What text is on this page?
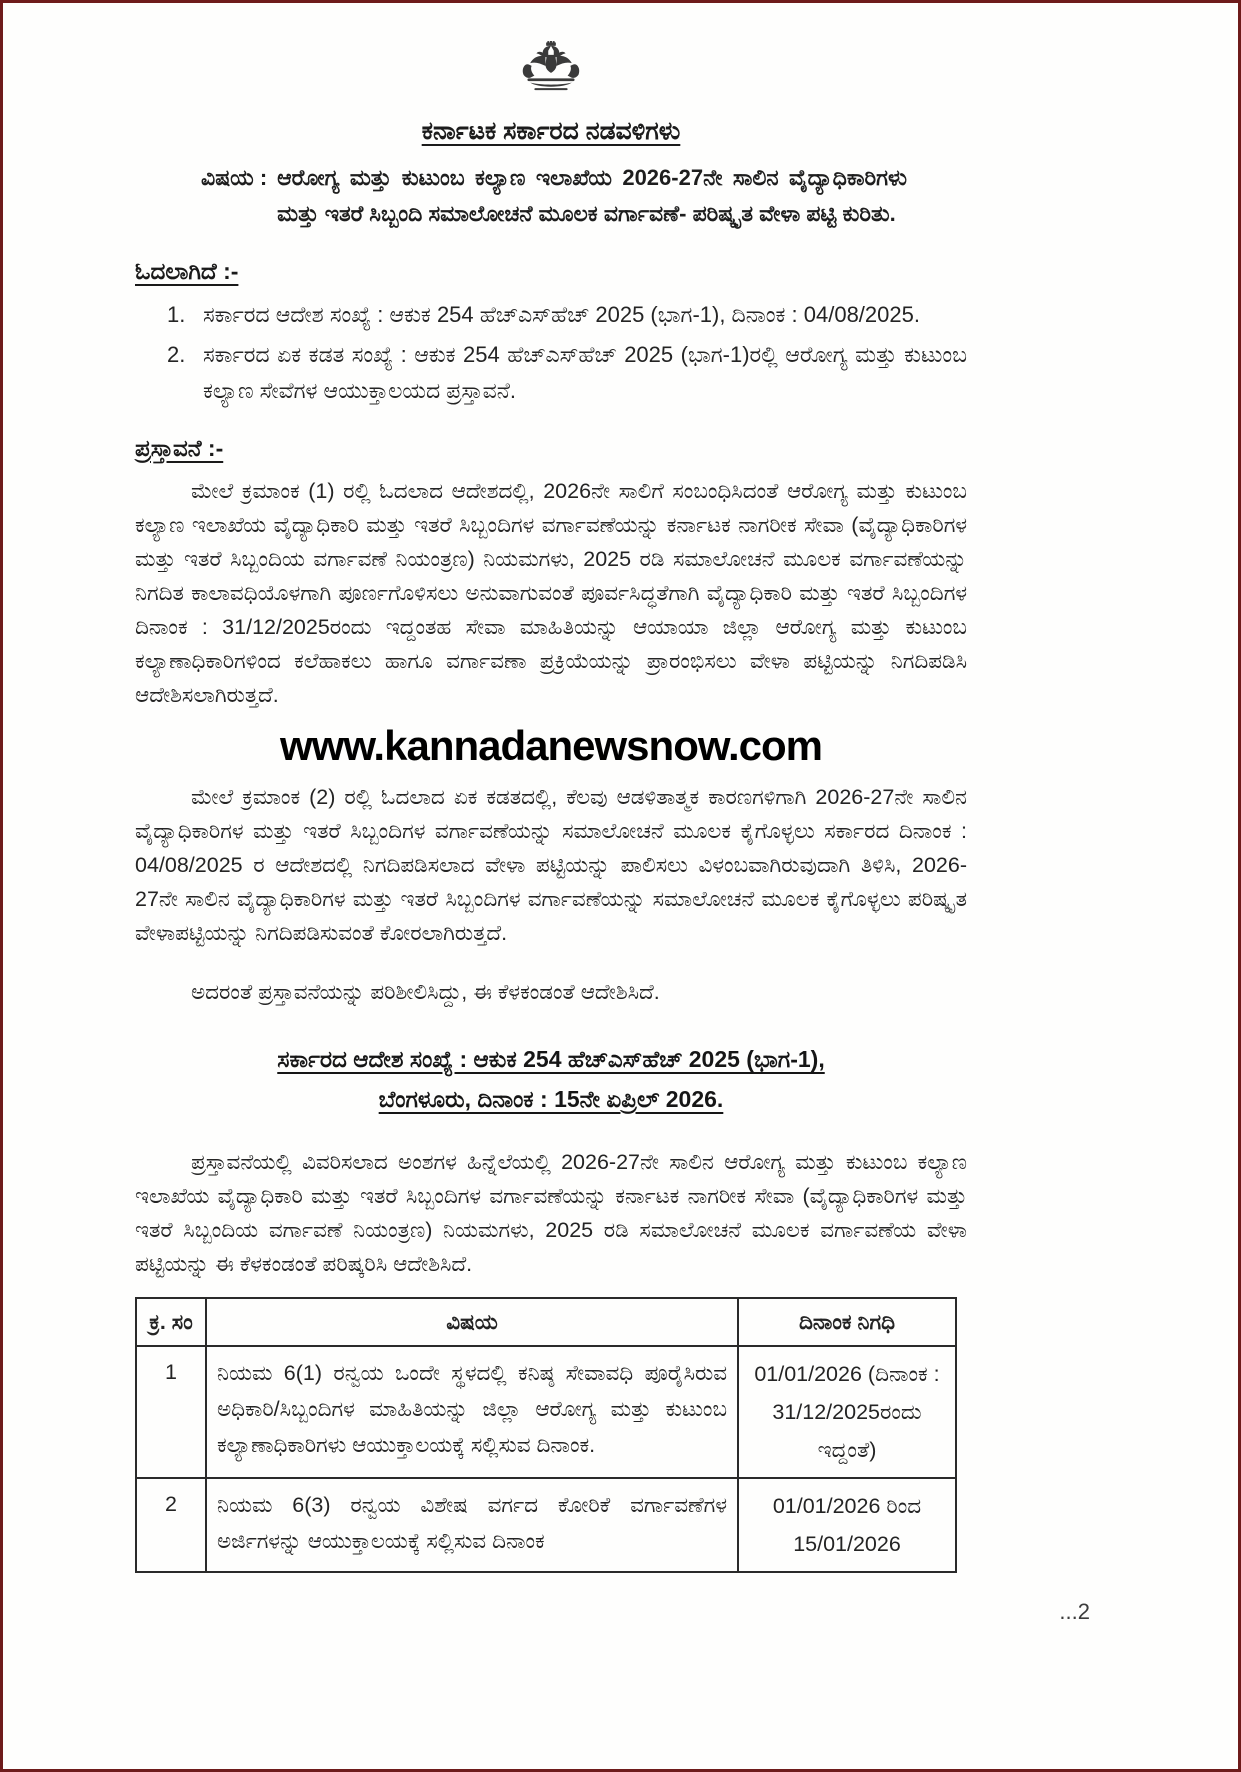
ಕರ್ನಾಟಕ ಸರ್ಕಾರದ ನಡವಳಿಗಳು
ವಿಷಯ : ಆರೋಗ್ಯ ಮತ್ತು ಕುಟುಂಬ ಕಲ್ಯಾಣ ಇಲಾಖೆಯ 2026-27ನೇ ಸಾಲಿನ ವೈದ್ಯಾಧಿಕಾರಿಗಳು ಮತ್ತು ಇತರೆ ಸಿಬ್ಬಂದಿ ಸಮಾಲೋಚನೆ ಮೂಲಕ ವರ್ಗಾವಣೆ- ಪರಿಷ್ಕೃತ ವೇಳಾ ಪಟ್ಟಿ ಕುರಿತು.
ಓದಲಾಗಿದೆ :-
1. ಸರ್ಕಾರದ ಆದೇಶ ಸಂಖ್ಯೆ : ಆಕುಕ 254 ಹೆಚ್‌ಎಸ್‌ಹೆಚ್ 2025 (ಭಾಗ-1), ದಿನಾಂಕ : 04/08/2025.
2. ಸರ್ಕಾರದ ಏಕ ಕಡತ ಸಂಖ್ಯೆ : ಆಕುಕ 254 ಹೆಚ್‌ಎಸ್‌ಹೆಚ್ 2025 (ಭಾಗ-1)ರಲ್ಲಿ ಆರೋಗ್ಯ ಮತ್ತು ಕುಟುಂಬ ಕಲ್ಯಾಣ ಸೇವೆಗಳ ಆಯುಕ್ತಾಲಯದ ಪ್ರಸ್ತಾವನೆ.
ಪ್ರಸ್ತಾವನೆ :-

ಮೇಲೆ ಕ್ರಮಾಂಕ (1) ರಲ್ಲಿ ಓದಲಾದ ಆದೇಶದಲ್ಲಿ, 2026ನೇ ಸಾಲಿಗೆ ಸಂಬಂಧಿಸಿದಂತೆ ಆರೋಗ್ಯ ಮತ್ತು ಕುಟುಂಬ ಕಲ್ಯಾಣ ಇಲಾಖೆಯ ವೈದ್ಯಾಧಿಕಾರಿ ಮತ್ತು ಇತರೆ ಸಿಬ್ಬಂದಿಗಳ ವರ್ಗಾವಣೆಯನ್ನು ಕರ್ನಾಟಕ ನಾಗರೀಕ ಸೇವಾ (ವೈದ್ಯಾಧಿಕಾರಿಗಳ ಮತ್ತು ಇತರೆ ಸಿಬ್ಬಂದಿಯ ವರ್ಗಾವಣೆ ನಿಯಂತ್ರಣ) ನಿಯಮಗಳು, 2025 ರಡಿ ಸಮಾಲೋಚನೆ ಮೂಲಕ ವರ್ಗಾವಣೆಯನ್ನು ನಿಗದಿತ ಕಾಲಾವಧಿಯೊಳಗಾಗಿ ಪೂರ್ಣಗೊಳಿಸಲು ಅನುವಾಗುವಂತೆ ಪೂರ್ವಸಿದ್ಧತೆಗಾಗಿ ವೈದ್ಯಾಧಿಕಾರಿ ಮತ್ತು ಇತರೆ ಸಿಬ್ಬಂದಿಗಳ ದಿನಾಂಕ : 31/12/2025ರಂದು ಇದ್ದಂತಹ ಸೇವಾ ಮಾಹಿತಿಯನ್ನು ಆಯಾಯಾ ಜಿಲ್ಲಾ ಆರೋಗ್ಯ ಮತ್ತು ಕುಟುಂಬ ಕಲ್ಯಾಣಾಧಿಕಾರಿಗಳಿಂದ ಕಲೆಹಾಕಲು ಹಾಗೂ ವರ್ಗಾವಣಾ ಪ್ರಕ್ರಿಯೆಯನ್ನು ಪ್ರಾರಂಭಿಸಲು ವೇಳಾ ಪಟ್ಟಿಯನ್ನು ನಿಗದಿಪಡಿಸಿ ಆದೇಶಿಸಲಾಗಿರುತ್ತದೆ.

www.kannadanewsnow.com

ಮೇಲೆ ಕ್ರಮಾಂಕ (2) ರಲ್ಲಿ ಓದಲಾದ ಏಕ ಕಡತದಲ್ಲಿ, ಕೆಲವು ಆಡಳಿತಾತ್ಮಕ ಕಾರಣಗಳಿಗಾಗಿ 2026-27ನೇ ಸಾಲಿನ ವೈದ್ಯಾಧಿಕಾರಿಗಳ ಮತ್ತು ಇತರೆ ಸಿಬ್ಬಂದಿಗಳ ವರ್ಗಾವಣೆಯನ್ನು ಸಮಾಲೋಚನೆ ಮೂಲಕ ಕೈಗೊಳ್ಳಲು ಸರ್ಕಾರದ ದಿನಾಂಕ : 04/08/2025 ರ ಆದೇಶದಲ್ಲಿ ನಿಗದಿಪಡಿಸಲಾದ ವೇಳಾ ಪಟ್ಟಿಯನ್ನು ಪಾಲಿಸಲು ವಿಳಂಬವಾಗಿರುವುದಾಗಿ ತಿಳಿಸಿ, 2026-27ನೇ ಸಾಲಿನ ವೈದ್ಯಾಧಿಕಾರಿಗಳ ಮತ್ತು ಇತರೆ ಸಿಬ್ಬಂದಿಗಳ ವರ್ಗಾವಣೆಯನ್ನು ಸಮಾಲೋಚನೆ ಮೂಲಕ ಕೈಗೊಳ್ಳಲು ಪರಿಷ್ಕೃತ ವೇಳಾಪಟ್ಟಿಯನ್ನು ನಿಗದಿಪಡಿಸುವಂತೆ ಕೋರಲಾಗಿರುತ್ತದೆ.

ಅದರಂತೆ ಪ್ರಸ್ತಾವನೆಯನ್ನು ಪರಿಶೀಲಿಸಿದ್ದು, ಈ ಕೆಳಕಂಡಂತೆ ಆದೇಶಿಸಿದೆ.

ಸರ್ಕಾರದ ಆದೇಶ ಸಂಖ್ಯೆ : ಆಕುಕ 254 ಹೆಚ್‌ಎಸ್‌ಹೆಚ್ 2025 (ಭಾಗ-1),
ಬೆಂಗಳೂರು, ದಿನಾಂಕ : 15ನೇ ಏಪ್ರಿಲ್ 2026.

ಪ್ರಸ್ತಾವನೆಯಲ್ಲಿ ವಿವರಿಸಲಾದ ಅಂಶಗಳ ಹಿನ್ನೆಲೆಯಲ್ಲಿ 2026-27ನೇ ಸಾಲಿನ ಆರೋಗ್ಯ ಮತ್ತು ಕುಟುಂಬ ಕಲ್ಯಾಣ ಇಲಾಖೆಯ ವೈದ್ಯಾಧಿಕಾರಿ ಮತ್ತು ಇತರೆ ಸಿಬ್ಬಂದಿಗಳ ವರ್ಗಾವಣೆಯನ್ನು ಕರ್ನಾಟಕ ನಾಗರೀಕ ಸೇವಾ (ವೈದ್ಯಾಧಿಕಾರಿಗಳ ಮತ್ತು ಇತರೆ ಸಿಬ್ಬಂದಿಯ ವರ್ಗಾವಣೆ ನಿಯಂತ್ರಣ) ನಿಯಮಗಳು, 2025 ರಡಿ ಸಮಾಲೋಚನೆ ಮೂಲಕ ವರ್ಗಾವಣೆಯ ವೇಳಾ ಪಟ್ಟಿಯನ್ನು ಈ ಕೆಳಕಂಡಂತೆ ಪರಿಷ್ಕರಿಸಿ ಆದೇಶಿಸಿದೆ.

ಕ್ರ. ಸಂ	ವಿಷಯ	ದಿನಾಂಕ ನಿಗಧಿ
1	ನಿಯಮ 6(1) ರನ್ವಯ ಒಂದೇ ಸ್ಥಳದಲ್ಲಿ ಕನಿಷ್ಠ ಸೇವಾವಧಿ ಪೂರೈಸಿರುವ ಅಧಿಕಾರಿ/ಸಿಬ್ಬಂದಿಗಳ ಮಾಹಿತಿಯನ್ನು ಜಿಲ್ಲಾ ಆರೋಗ್ಯ ಮತ್ತು ಕುಟುಂಬ ಕಲ್ಯಾಣಾಧಿಕಾರಿಗಳು ಆಯುಕ್ತಾಲಯಕ್ಕೆ ಸಲ್ಲಿಸುವ ದಿನಾಂಕ.	01/01/2026 (ದಿನಾಂಕ : 31/12/2025ರಂದು ಇದ್ದಂತೆ)
2	ನಿಯಮ 6(3) ರನ್ವಯ ವಿಶೇಷ ವರ್ಗದ ಕೋರಿಕೆ ವರ್ಗಾವಣೆಗಳ ಅರ್ಜಿಗಳನ್ನು ಆಯುಕ್ತಾಲಯಕ್ಕೆ ಸಲ್ಲಿಸುವ ದಿನಾಂಕ	01/01/2026 ರಿಂದ 15/01/2026
...2
